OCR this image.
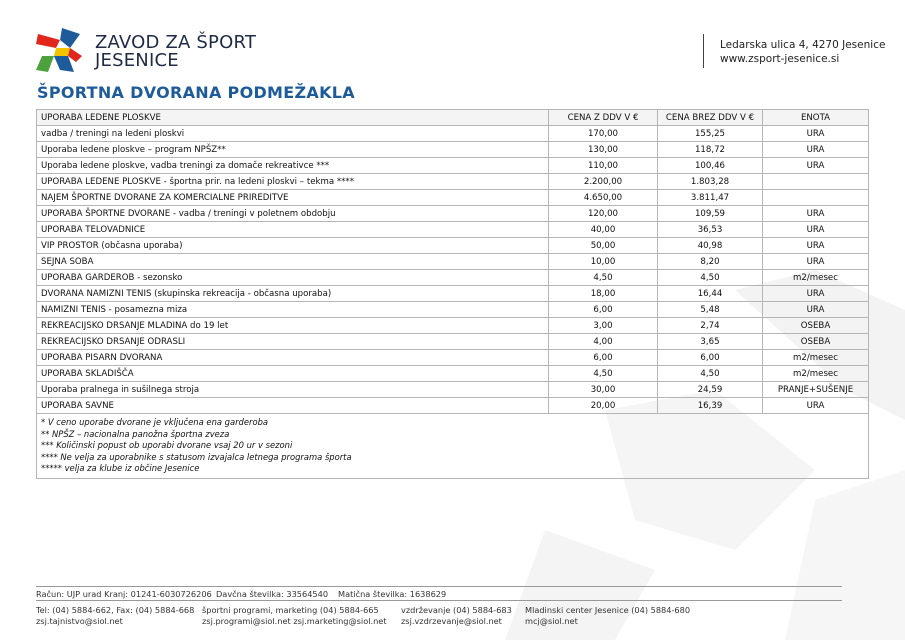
ZAVOD ZA ŠPORT
JESENICE
Ledarska ulica 4, 4270 Jesenice
www.zsport-jesenice.si
ŠPORTNA DVORANA PODMEŽAKLA
UPORABA LEDENE PLOSKVE	CENA Z DDV V €	CENA BREZ DDV V €	ENOTA
vadba / treningi na ledeni ploskvi	170,00	155,25	URA
Uporaba ledene ploskve – program NPŠZ**	130,00	118,72	URA
Uporaba ledene ploskve, vadba treningi za domače rekreativce ***	110,00	100,46	URA
UPORABA LEDENE PLOSKVE - športna prir. na ledeni ploskvi – tekma ****	2.200,00	1.803,28	
NAJEM ŠPORTNE DVORANE ZA KOMERCIALNE PRIREDITVE	4.650,00	3.811,47	
UPORABA ŠPORTNE DVORANE - vadba / treningi v poletnem obdobju	120,00	109,59	URA
UPORABA TELOVADNICE	40,00	36,53	URA
VIP PROSTOR (občasna uporaba)	50,00	40,98	URA
SEJNA SOBA	10,00	8,20	URA
UPORABA GARDEROB - sezonsko	4,50	4,50	m2/mesec
DVORANA NAMIZNI TENIS (skupinska rekreacija - občasna uporaba)	18,00	16,44	URA
NAMIZNI TENIS - posamezna miza	6,00	5,48	URA
REKREACIJSKO DRSANJE MLADINA do 19 let	3,00	2,74	OSEBA
REKREACIJSKO DRSANJE ODRASLI	4,00	3,65	OSEBA
UPORABA PISARN DVORANA	6,00	6,00	m2/mesec
UPORABA SKLADIŠČA	4,50	4,50	m2/mesec
Uporaba pralnega in sušilnega stroja	30,00	24,59	PRANJE+SUŠENJE
UPORABA SAVNE	20,00	16,39	URA

* V ceno uporabe dvorane je vključena ena garderoba
** NPŠZ – nacionalna panožna športna zveza
*** Količinski popust ob uporabi dvorane vsaj 20 ur v sezoni
**** Ne velja za uporabnike s statusom izvajalca letnega programa športa
***** velja za klube iz občine Jesenice			
Račun: UJP urad Kranj: 01241-6030726206 Davčna številka: 33564540 Matična številka: 1638629
Tel: (04) 5884-662, Fax: (04) 5884-668
zsj.tajnistvo@siol.net
športni programi, marketing (04) 5884-665
zsj.programi@siol.net zsj.marketing@siol.net
vzdrževanje (04) 5884-683
zsj.vzdrzevanje@siol.net
Mladinski center Jesenice (04) 5884-680
mcj@siol.net
